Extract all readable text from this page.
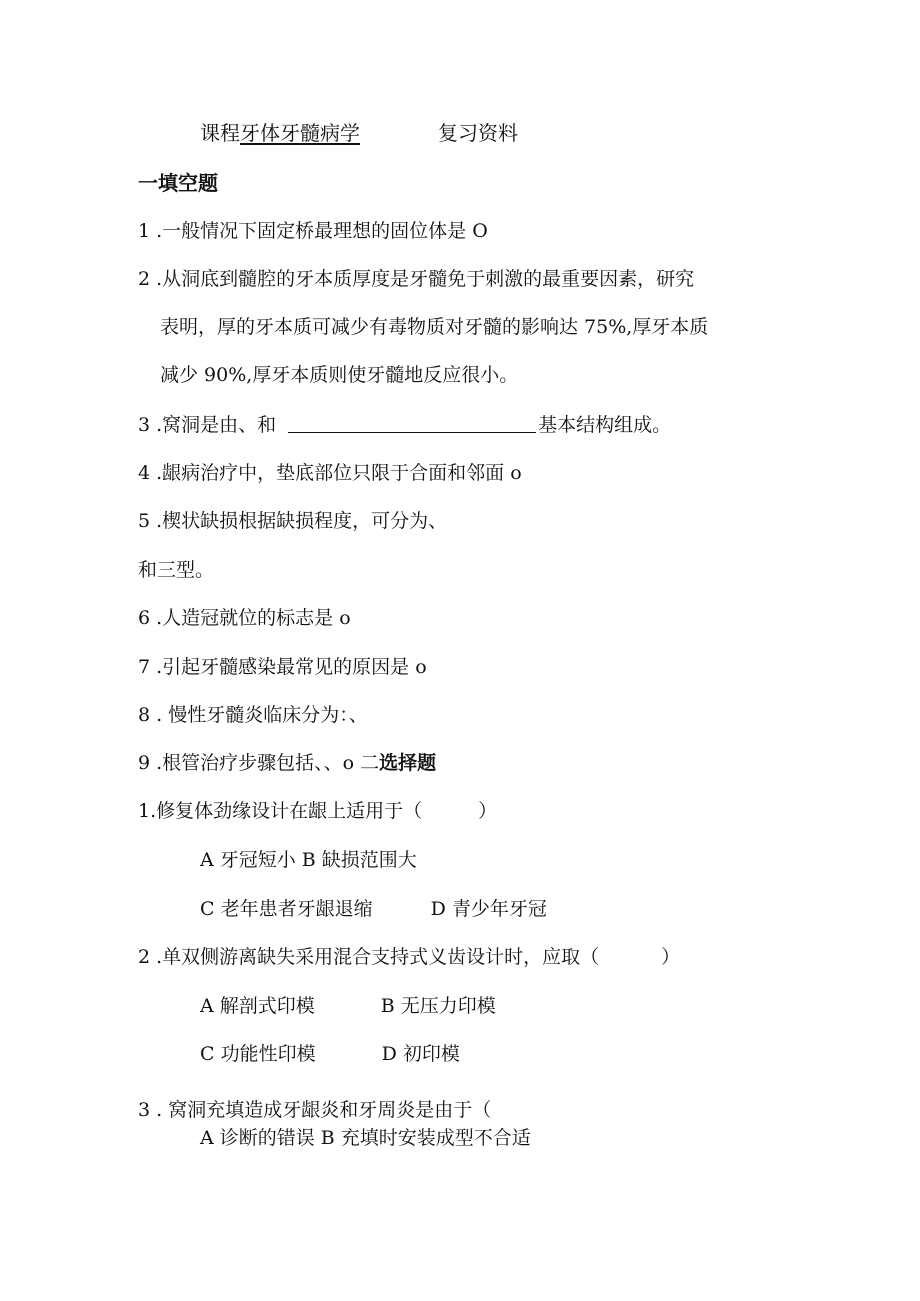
课程牙体牙髓病学	复习资料
一填空题
1 .一般情况下固定桥最理想的固位体是 O
2 .从洞底到髓腔的牙本质厚度是牙髓免于刺激的最重要因素，研究
表明，厚的牙本质可减少有毒物质对牙髓的影响达 75%,厚牙本质
减少 90%,厚牙本质则使牙髓地反应很小。
3 .窝洞是由、和	基本结构组成。
4 .龈病治疗中，垫底部位只限于合面和邻面 o
5 .楔状缺损根据缺损程度，可分为、
和三型。
6 .人造冠就位的标志是 o
7 .引起牙髓感染最常见的原因是 o
8 . 慢性牙髓炎临床分为：、
9 .根管治疗步骤包括、、o 二选择题
1.修复体劲缘设计在龈上适用于（	）
A 牙冠短小 B 缺损范围大
C 老年患者牙龈退缩	D 青少年牙冠
2 .单双侧游离缺失采用混合支持式义齿设计时，应取（	）
A 解剖式印模	B 无压力印模
C 功能性印模	D 初印模
3 . 窝洞充填造成牙龈炎和牙周炎是由于（
A 诊断的错误 B 充填时安装成型不合适
